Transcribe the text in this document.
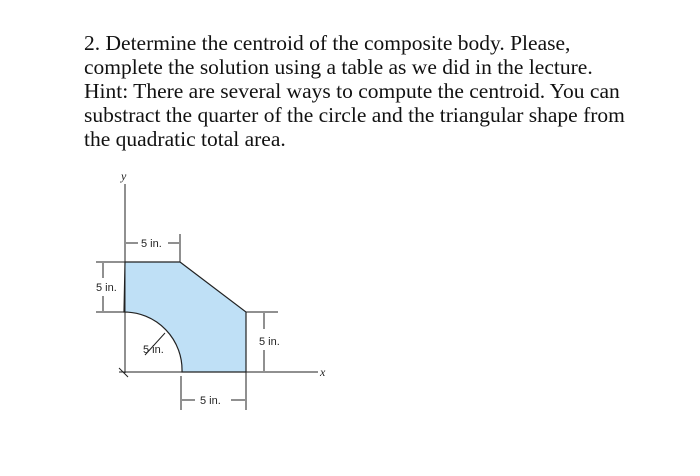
2. Determine the centroid of the composite body. Please,
complete the solution using a table as we did in the lecture.
Hint: There are several ways to compute the centroid. You can
substract the quarter of the circle and the triangular shape from
the quadratic total area.
y
x
5 in.
5 in.
5 in.
5 in.
5 in.
